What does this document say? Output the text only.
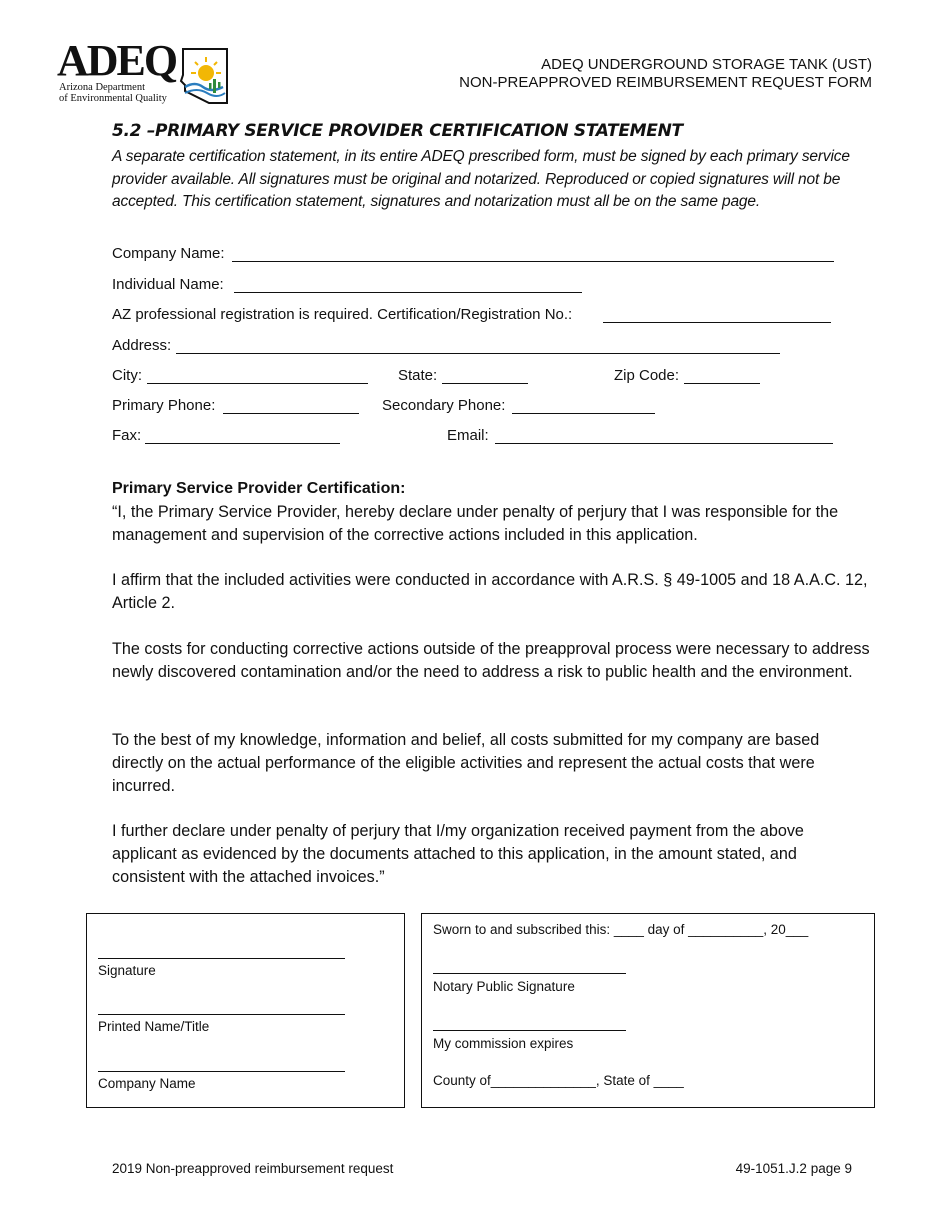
ADEQ
Arizona Department
of Environmental Quality
ADEQ UNDERGROUND STORAGE TANK (UST)
NON-PREAPPROVED REIMBURSEMENT REQUEST FORM
5.2 –PRIMARY SERVICE PROVIDER CERTIFICATION STATEMENT
A separate certification statement, in its entire ADEQ prescribed form, must be signed by each primary service provider available. All signatures must be original and notarized. Reproduced or copied signatures will not be accepted. This certification statement, signatures and notarization must all be on the same page.
Company Name:
Individual Name:
AZ professional registration is required. Certification/Registration No.:
Address:
City:	State:	Zip Code:
Primary Phone:	Secondary Phone:
Fax:	Email:
Primary Service Provider Certification:
“I, the Primary Service Provider, hereby declare under penalty of perjury that I was responsible for the management and supervision of the corrective actions included in this application.
I affirm that the included activities were conducted in accordance with A.R.S. § 49-1005 and 18 A.A.C. 12, Article 2.
The costs for conducting corrective actions outside of the preapproval process were necessary to address newly discovered contamination and/or the need to address a risk to public health and the environment.
To the best of my knowledge, information and belief, all costs submitted for my company are based directly on the actual performance of the eligible activities and represent the actual costs that were incurred.
I further declare under penalty of perjury that I/my organization received payment from the above applicant as evidenced by the documents attached to this application, in the amount stated, and consistent with the attached invoices.”
Signature
Printed Name/Title
Company Name
Sworn to and subscribed this: ____ day of __________, 20___
Notary Public Signature
My commission expires
County of______________, State of ____
2019 Non-preapproved reimbursement request	49-1051.J.2 page 9
